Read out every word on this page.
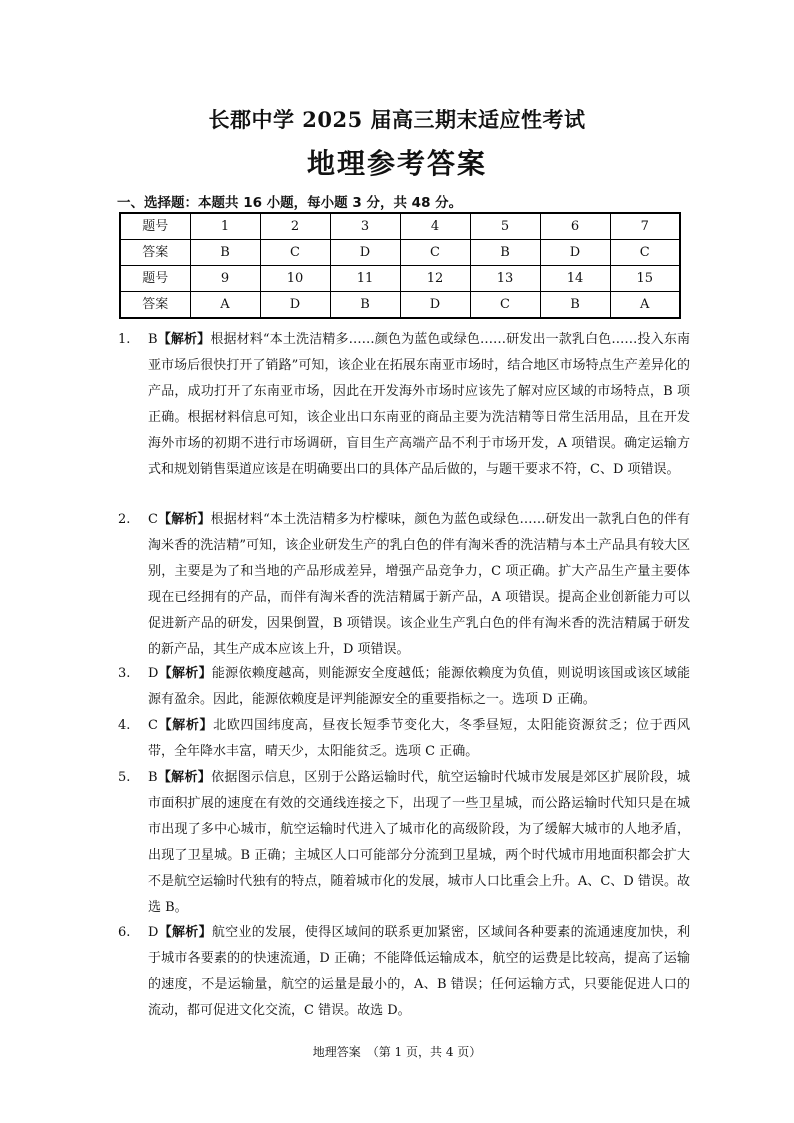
长郡中学 2025 届高三期末适应性考试
地理参考答案
一、选择题：本题共 16 小题，每小题 3 分，共 48 分。
题号	1	2	3	4	5	6	7
答案	B	C	D	C	B	D	C
题号	9	10	11	12	13	14	15
答案	A	D	B	D	C	B	A
1.	B【解析】根据材料“本土洗洁精多……颜色为蓝色或绿色……研发出一款乳白色……投入东南亚市场后很快打开了销路”可知，该企业在拓展东南亚市场时，结合地区市场特点生产差异化的产品，成功打开了东南亚市场，因此在开发海外市场时应该先了解对应区域的市场特点，B 项正确。根据材料信息可知，该企业出口东南亚的商品主要为洗洁精等日常生活用品，且在开发海外市场的初期不进行市场调研，盲目生产高端产品不利于市场开发，A 项错误。确定运输方式和规划销售渠道应该是在明确要出口的具体产品后做的，与题干要求不符，C、D 项错误。
2.	C【解析】根据材料“本土洗洁精多为柠檬味，颜色为蓝色或绿色……研发出一款乳白色的伴有淘米香的洗洁精”可知，该企业研发生产的乳白色的伴有淘米香的洗洁精与本土产品具有较大区别，主要是为了和当地的产品形成差异，增强产品竞争力，C 项正确。扩大产品生产量主要体现在已经拥有的产品，而伴有淘米香的洗洁精属于新产品，A 项错误。提高企业创新能力可以促进新产品的研发，因果倒置，B 项错误。该企业生产乳白色的伴有淘米香的洗洁精属于研发的新产品，其生产成本应该上升，D 项错误。
3.	D【解析】能源依赖度越高，则能源安全度越低；能源依赖度为负值，则说明该国或该区域能源有盈余。因此，能源依赖度是评判能源安全的重要指标之一。选项 D 正确。
4.	C【解析】北欧四国纬度高，昼夜长短季节变化大，冬季昼短，太阳能资源贫乏；位于西风带，全年降水丰富，晴天少，太阳能贫乏。选项 C 正确。
5.	B【解析】依据图示信息，区别于公路运输时代，航空运输时代城市发展是郊区扩展阶段，城市面积扩展的速度在有效的交通线连接之下，出现了一些卫星城，而公路运输时代知只是在城市出现了多中心城市，航空运输时代进入了城市化的高级阶段，为了缓解大城市的人地矛盾，出现了卫星城。B 正确；主城区人口可能部分分流到卫星城，两个时代城市用地面积都会扩大不是航空运输时代独有的特点，随着城市化的发展，城市人口比重会上升。A、C、D 错误。故选 B。
6.	D【解析】航空业的发展，使得区域间的联系更加紧密，区域间各种要素的流通速度加快，利于城市各要素的的快速流通，D 正确；不能降低运输成本，航空的运费是比较高，提高了运输的速度，不是运输量，航空的运量是最小的，A、B 错误；任何运输方式，只要能促进人口的流动，都可促进文化交流，C 错误。故选 D。
地理答案　（第 1 页，共 4 页）
